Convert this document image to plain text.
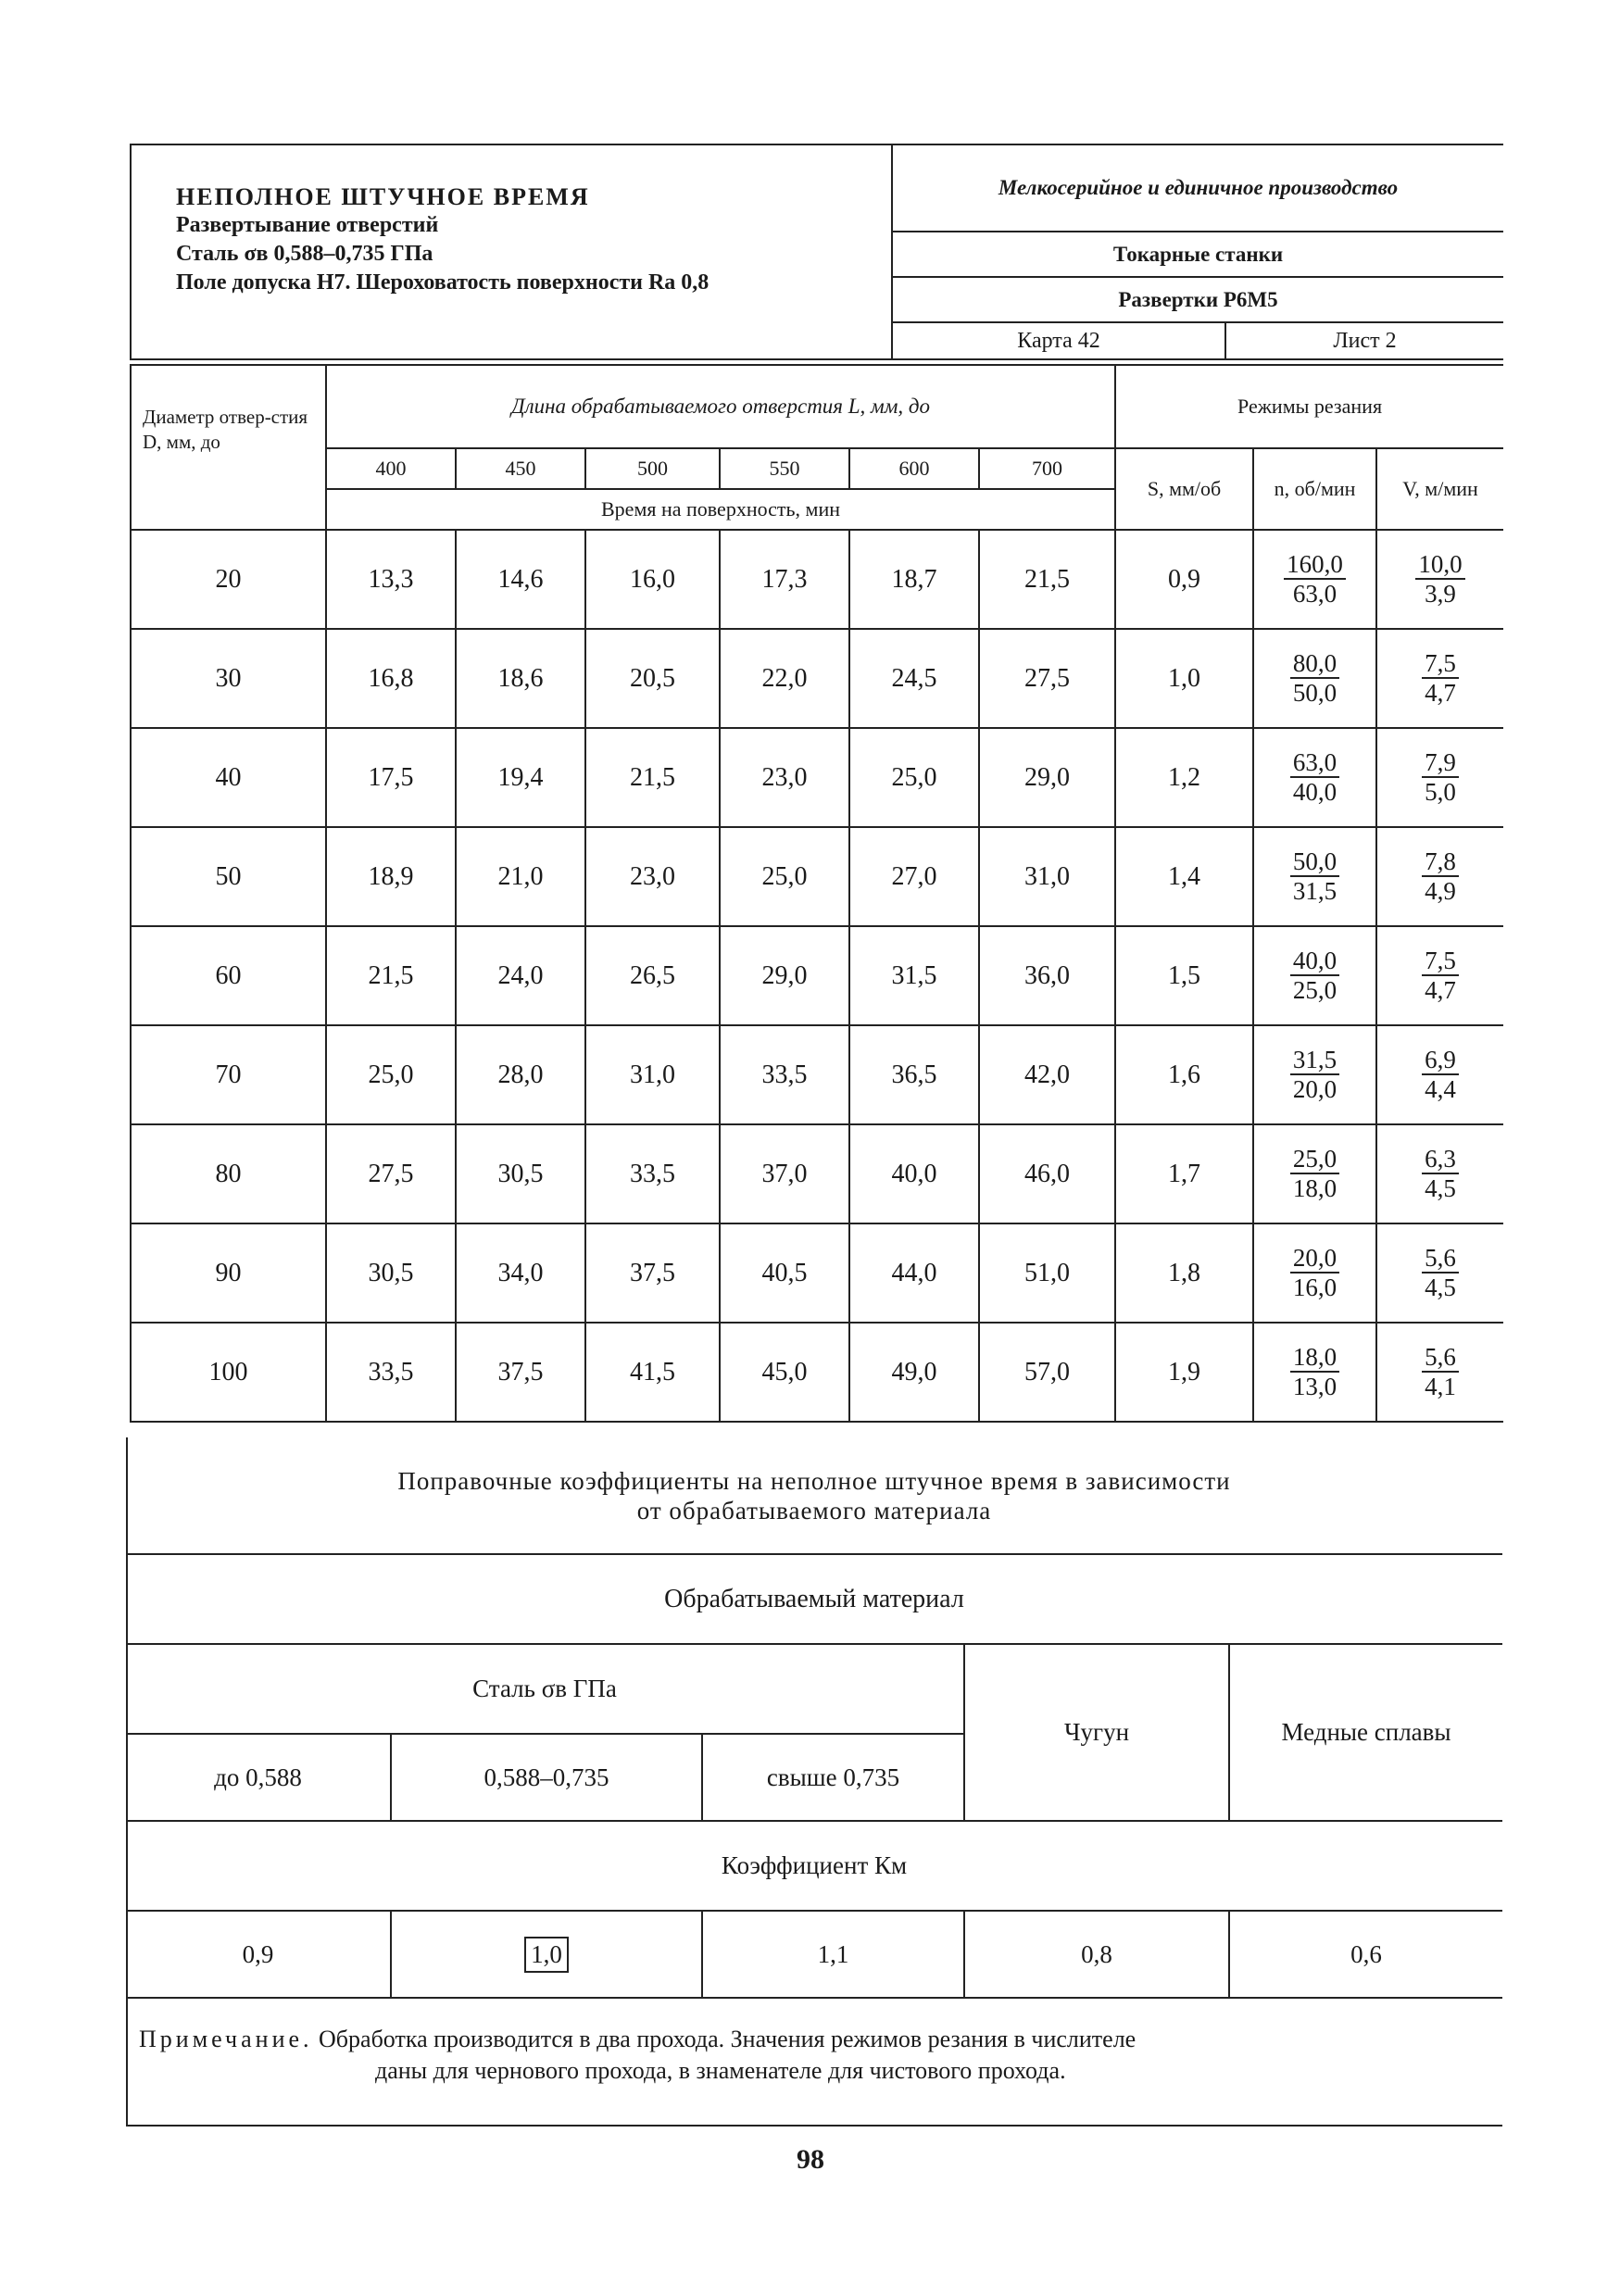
НЕПОЛНОЕ ШТУЧНОЕ ВРЕМЯ
Развертывание отверстий
Сталь σв 0,588–0,735 ГПа
Поле допуска Н7. Шероховатость поверхности Ra 0,8	Мелкосерийное и единичное производство	
	Токарные станки	
	Развертки Р6М5	
	Карта 42	Лист 2
Диаметр отвер-стия D, мм, до	Длина обрабатываемого отверстия L, мм, до						Режимы резания		
	400	450	500	550	600	700	S, мм/об	n, об/мин	V, м/мин
	Время на поверхность, мин								
20	13,3	14,6	16,0	17,3	18,7	21,5	0,9	$\frac{160,0}{63,0}$	$\frac{10,0}{3,9}$

30	16,8	18,6	20,5	22,0	24,5	27,5	1,0	$\frac{80,0}{50,0}$	$\frac{7,5}{4,7}$

40	17,5	19,4	21,5	23,0	25,0	29,0	1,2	$\frac{63,0}{40,0}$	$\frac{7,9}{5,0}$

50	18,9	21,0	23,0	25,0	27,0	31,0	1,4	$\frac{50,0}{31,5}$	$\frac{7,8}{4,9}$

60	21,5	24,0	26,5	29,0	31,5	36,0	1,5	$\frac{40,0}{25,0}$	$\frac{7,5}{4,7}$

70	25,0	28,0	31,0	33,5	36,5	42,0	1,6	$\frac{31,5}{20,0}$	$\frac{6,9}{4,4}$

80	27,5	30,5	33,5	37,0	40,0	46,0	1,7	$\frac{25,0}{18,0}$	$\frac{6,3}{4,5}$

90	30,5	34,0	37,5	40,5	44,0	51,0	1,8	$\frac{20,0}{16,0}$	$\frac{5,6}{4,5}$

100	33,5	37,5	41,5	45,0	49,0	57,0	1,9	$\frac{18,0}{13,0}$	$\frac{5,6}{4,1}$
Поправочные коэффициенты на неполное штучное время в зависимости
от обрабатываемого материала				
Обрабатываемый материал				
Сталь σв ГПа			Чугун	Медные сплавы
до 0,588	0,588–0,735	свыше 0,735		
Коэффициент Км				
0,9	1,0	1,1	0,8	0,6
Примечание. Обработка производится в два прохода. Значения режимов резания в числителе
даны для чернового прохода, в знаменателе для чистового прохода.
98
